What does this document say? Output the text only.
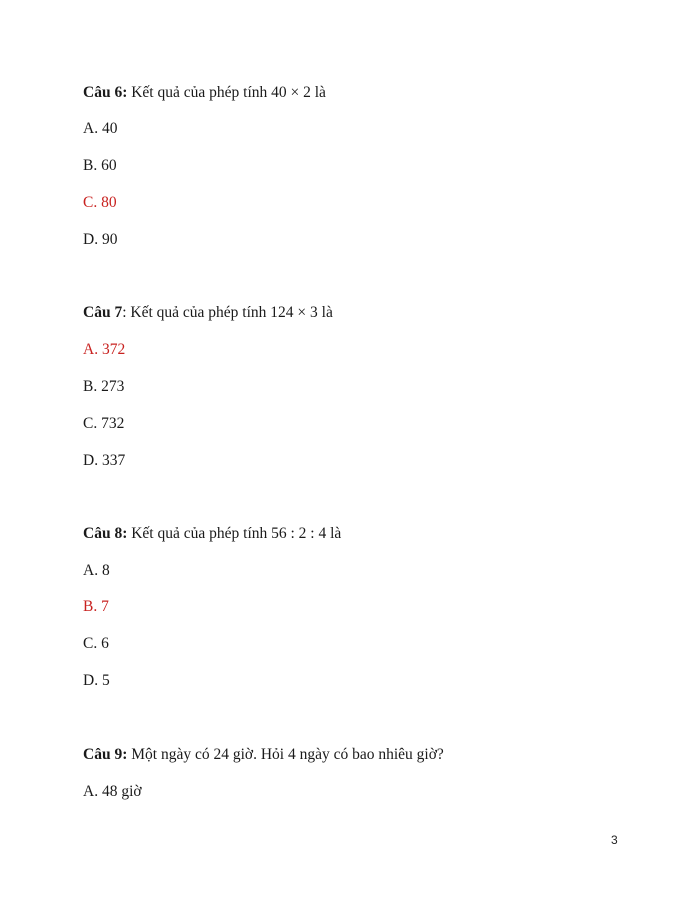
Câu 6: Kết quả của phép tính 40 × 2 là
A. 40
B. 60
C. 80
D. 90
Câu 7: Kết quả của phép tính 124 × 3 là
A. 372
B. 273
C. 732
D. 337
Câu 8: Kết quả của phép tính 56 : 2 : 4 là
A. 8
B. 7
C. 6
D. 5
Câu 9: Một ngày có 24 giờ. Hỏi 4 ngày có bao nhiêu giờ?
A. 48 giờ
3
